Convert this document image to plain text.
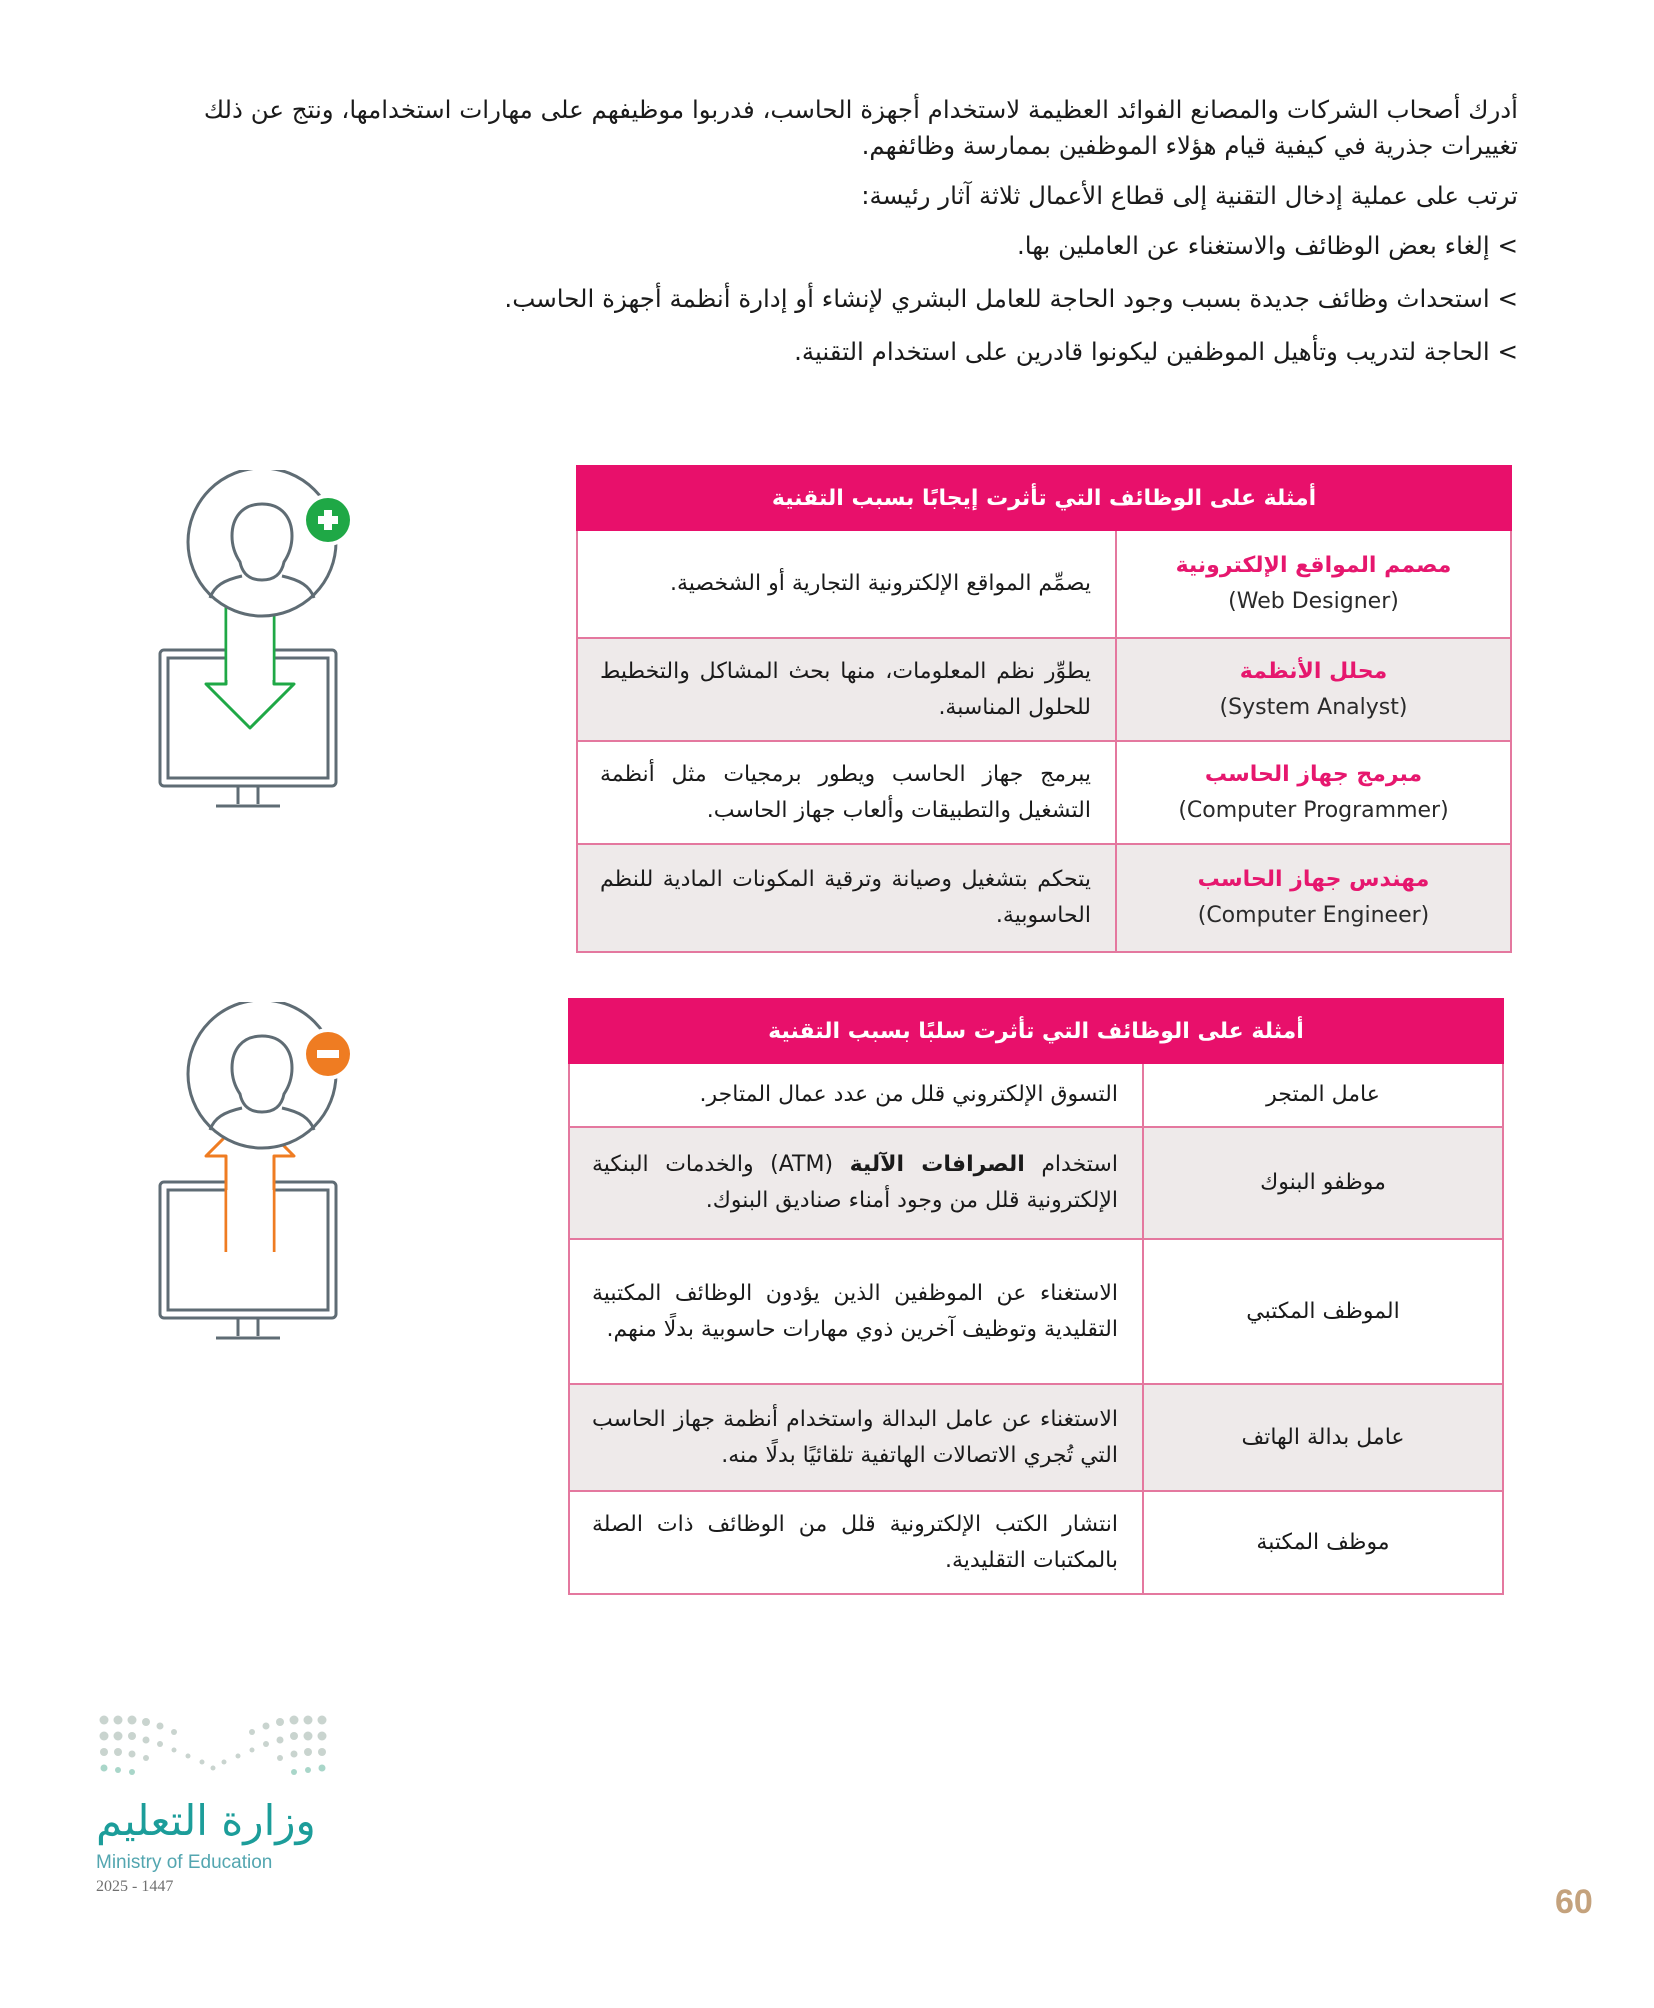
أدرك أصحاب الشركات والمصانع الفوائد العظيمة لاستخدام أجهزة الحاسب، فدربوا موظيفهم على مهارات استخدامها، ونتج عن ذلك تغييرات جذرية في كيفية قيام هؤلاء الموظفين بممارسة وظائفهم.

ترتب على عملية إدخال التقنية إلى قطاع الأعمال ثلاثة آثار رئيسة:

> إلغاء بعض الوظائف والاستغناء عن العاملين بها.

> استحداث وظائف جديدة بسبب وجود الحاجة للعامل البشري لإنشاء أو إدارة أنظمة أجهزة الحاسب.

> الحاجة لتدريب وتأهيل الموظفين ليكونوا قادرين على استخدام التقنية.

أمثلة على الوظائف التي تأثرت إيجابًا بسبب التقنية	

مصمم المواقع الإلكترونية
(Web Designer)	يصمِّم المواقع الإلكترونية التجارية أو الشخصية.

محلل الأنظمة
(System Analyst)	يطوِّر نظم المعلومات، منها بحث المشاكل والتخطيط للحلول المناسبة.

مبرمج جهاز الحاسب
(Computer Programmer)	يبرمج جهاز الحاسب ويطور برمجيات مثل أنظمة التشغيل والتطبيقات وألعاب جهاز الحاسب.

مهندس جهاز الحاسب
(Computer Engineer)	يتحكم بتشغيل وصيانة وترقية المكونات المادية للنظم الحاسوبية.
أمثلة على الوظائف التي تأثرت سلبًا بسبب التقنية	
عامل المتجر	التسوق الإلكتروني قلل من عدد عمال المتاجر.
موظفو البنوك	استخدام الصرافات الآلية (ATM) والخدمات البنكية الإلكترونية قلل من وجود أمناء صناديق البنوك.
الموظف المكتبي	الاستغناء عن الموظفين الذين يؤدون الوظائف المكتبية التقليدية وتوظيف آخرين ذوي مهارات حاسوبية بدلًا منهم.
عامل بدالة الهاتف	الاستغناء عن عامل البدالة واستخدام أنظمة جهاز الحاسب التي تُجري الاتصالات الهاتفية تلقائيًا بدلًا منه.
موظف المكتبة	انتشار الكتب الإلكترونية قلل من الوظائف ذات الصلة بالمكتبات التقليدية.
وزارة التعليم
Ministry of Education
2025 - 1447	60
